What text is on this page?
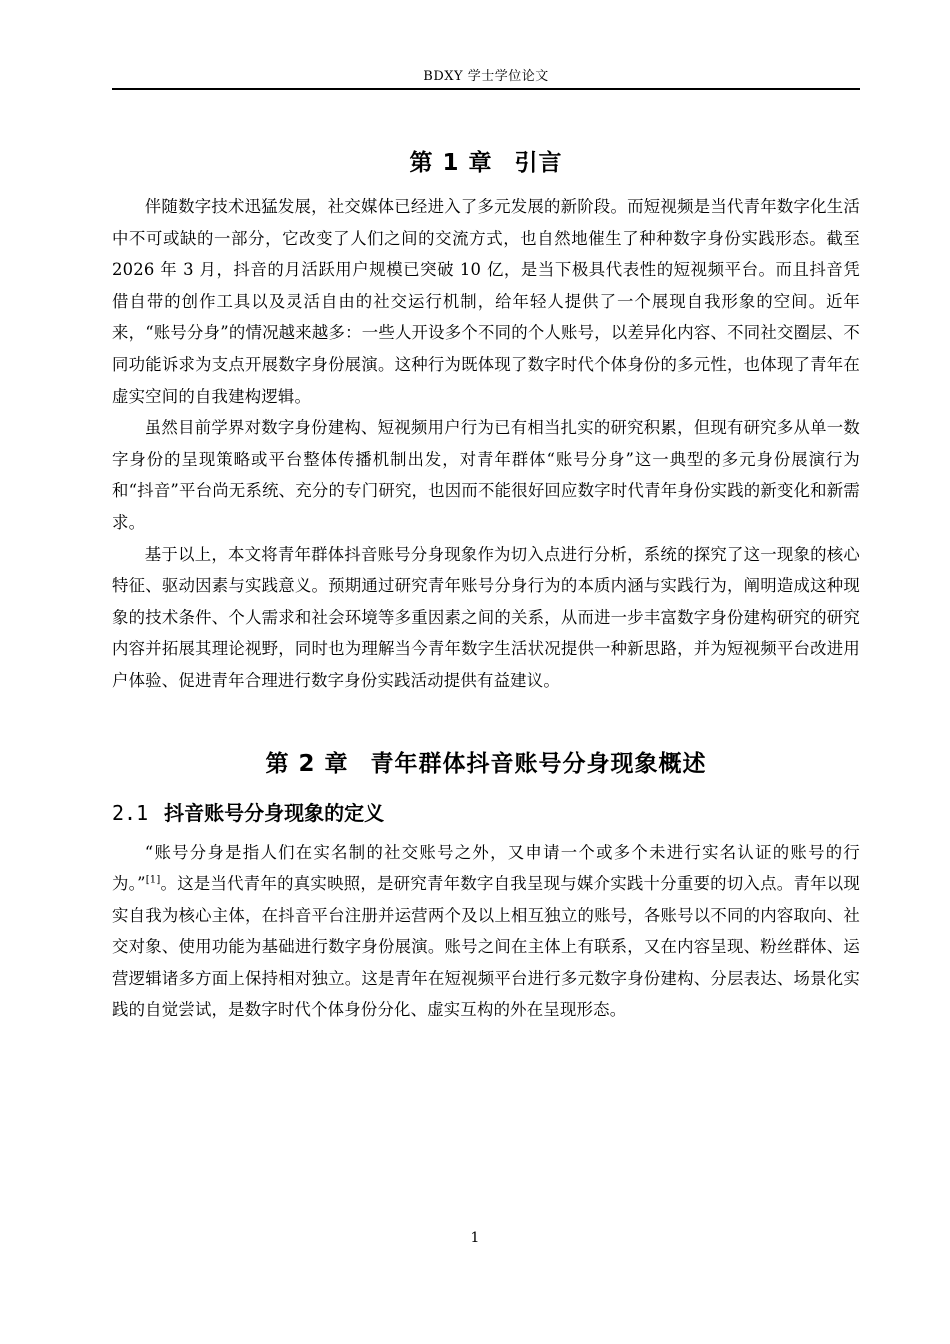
BDXY 学士学位论文
第 1 章 引言

伴随数字技术迅猛发展，社交媒体已经进入了多元发展的新阶段。而短视频是当代青年数字化生活中不可或缺的一部分，它改变了人们之间的交流方式，也自然地催生了种种数字身份实践形态。截至 2026 年 3 月，抖音的月活跃用户规模已突破 10 亿，是当下极具代表性的短视频平台。而且抖音凭借自带的创作工具以及灵活自由的社交运行机制，给年轻人提供了一个展现自我形象的空间。近年来，“账号分身”的情况越来越多：一些人开设多个不同的个人账号，以差异化内容、不同社交圈层、不同功能诉求为支点开展数字身份展演。这种行为既体现了数字时代个体身份的多元性，也体现了青年在虚实空间的自我建构逻辑。

虽然目前学界对数字身份建构、短视频用户行为已有相当扎实的研究积累，但现有研究多从单一数字身份的呈现策略或平台整体传播机制出发，对青年群体“账号分身”这一典型的多元身份展演行为和“抖音”平台尚无系统、充分的专门研究，也因而不能很好回应数字时代青年身份实践的新变化和新需求。

基于以上，本文将青年群体抖音账号分身现象作为切入点进行分析，系统的探究了这一现象的核心特征、驱动因素与实践意义。预期通过研究青年账号分身行为的本质内涵与实践行为，阐明造成这种现象的技术条件、个人需求和社会环境等多重因素之间的关系，从而进一步丰富数字身份建构研究的研究内容并拓展其理论视野，同时也为理解当今青年数字生活状况提供一种新思路，并为短视频平台改进用户体验、促进青年合理进行数字身份实践活动提供有益建议。

第 2 章 青年群体抖音账号分身现象概述
2.1 抖音账号分身现象的定义

“账号分身是指人们在实名制的社交账号之外，又申请一个或多个未进行实名认证的账号的行为。”[1]。这是当代青年的真实映照，是研究青年数字自我呈现与媒介实践十分重要的切入点。青年以现实自我为核心主体，在抖音平台注册并运营两个及以上相互独立的账号，各账号以不同的内容取向、社交对象、使用功能为基础进行数字身份展演。账号之间在主体上有联系，又在内容呈现、粉丝群体、运营逻辑诸多方面上保持相对独立。这是青年在短视频平台进行多元数字身份建构、分层表达、场景化实践的自觉尝试，是数字时代个体身份分化、虚实互构的外在呈现形态。

1
